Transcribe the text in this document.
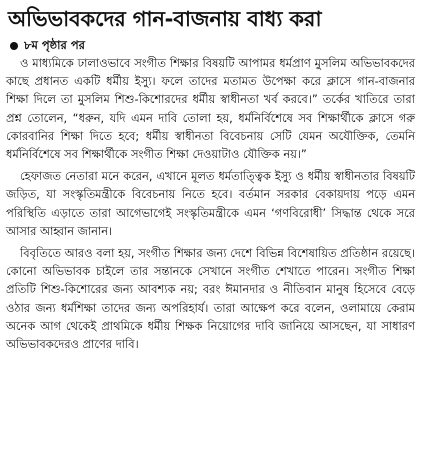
অভিভাবকদের গান-বাজনায় বাধ্য করা
৮ম পৃষ্ঠার পর

ও মাধ্যমিকে ঢালাওভাবে সংগীত শিক্ষার বিষয়টি আপামর ধর্মপ্রাণ মুসলিম অভিভাবকদের কাছে প্রধানত একটি ধর্মীয় ইস্যু। ফলে তাদের মতামত উপেক্ষা করে ক্লাসে গান-বাজনার শিক্ষা দিলে তা মুসলিম শিশু-কিশোরদের ধর্মীয় স্বাধীনতা খর্ব করবে।” তর্কের খাতিরে তারা প্রশ্ন তোলেন, “ধরুন, যদি এমন দাবি তোলা হয়, ধর্মনির্বিশেষে সব শিক্ষার্থীকে ক্লাসে গরু কোরবানির শিক্ষা দিতে হবে; ধর্মীয় স্বাধীনতা বিবেচনায় সেটি যেমন অযৌক্তিক, তেমনি ধর্মনির্বিশেষে সব শিক্ষার্থীকে সংগীত শিক্ষা দেওয়াটাও যৌক্তিক নয়।”

হেফাজত নেতারা মনে করেন, এখানে মূলত ধর্মতাত্ত্বিক ইস্যু ও ধর্মীয় স্বাধীনতার বিষয়টি জড়িত, যা সংস্কৃতিমন্ত্রীকে বিবেচনায় নিতে হবে। বর্তমান সরকার বেকায়দায় পড়ে এমন পরিস্থিতি এড়াতে তারা আগেভাগেই সংস্কৃতিমন্ত্রীকে এমন ‘গণবিরোধী’ সিদ্ধান্ত থেকে সরে আসার আহ্বান জানান।

বিবৃতিতে আরও বলা হয়, সংগীত শিক্ষার জন্য দেশে বিভিন্ন বিশেষায়িত প্রতিষ্ঠান রয়েছে। কোনো অভিভাবক চাইলে তার সন্তানকে সেখানে সংগীত শেখাতে পারেন। সংগীত শিক্ষা প্রতিটি শিশু-কিশোরের জন্য আবশ্যক নয়; বরং ঈমানদার ও নীতিবান মানুষ হিসেবে বেড়ে ওঠার জন্য ধর্মশিক্ষা তাদের জন্য অপরিহার্য। তারা আক্ষেপ করে বলেন, ওলামায়ে কেরাম অনেক আগ থেকেই প্রাথমিকে ধর্মীয় শিক্ষক নিয়োগের দাবি জানিয়ে আসছেন, যা সাধারণ অভিভাবকদেরও প্রাণের দাবি।
